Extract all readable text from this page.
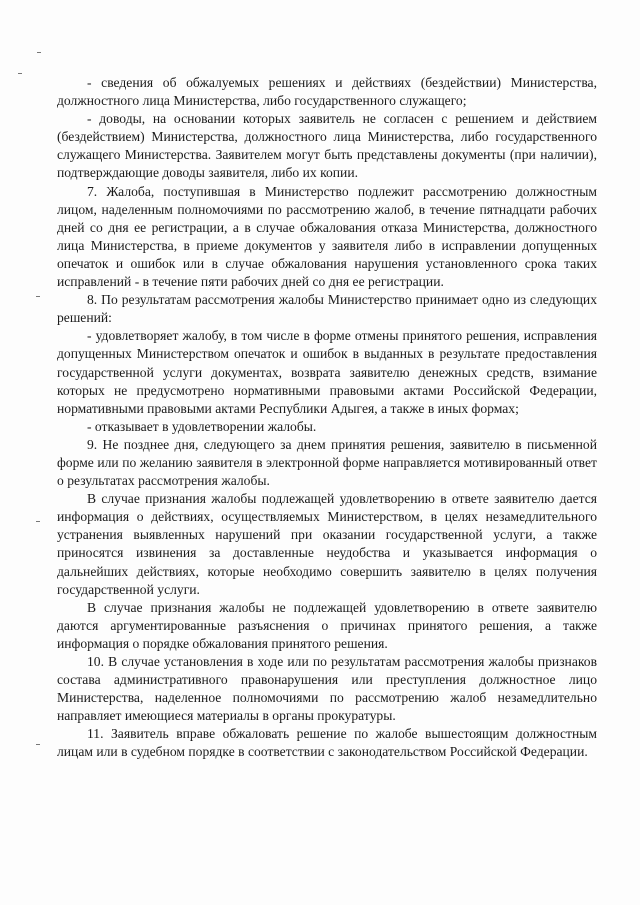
- сведения об обжалуемых решениях и действиях (бездействии) Министерства, должностного лица Министерства, либо государственного служащего;

- доводы, на основании которых заявитель не согласен с решением и действием (бездействием) Министерства, должностного лица Министерства, либо государственного служащего Министерства. Заявителем могут быть представлены документы (при наличии), подтверждающие доводы заявителя, либо их копии.

7. Жалоба, поступившая в Министерство подлежит рассмотрению должностным лицом, наделенным полномочиями по рассмотрению жалоб, в течение пятнадцати рабочих дней со дня ее регистрации, а в случае обжалования отказа Министерства, должностного лица Министерства, в приеме документов у заявителя либо в исправлении допущенных опечаток и ошибок или в случае обжалования нарушения установленного срока таких исправлений - в течение пяти рабочих дней со дня ее регистрации.

8. По результатам рассмотрения жалобы Министерство принимает одно из следующих решений:

- удовлетворяет жалобу, в том числе в форме отмены принятого решения, исправления допущенных Министерством опечаток и ошибок в выданных в результате предоставления государственной услуги документах, возврата заявителю денежных средств, взимание которых не предусмотрено нормативными правовыми актами Российской Федерации, нормативными правовыми актами Республики Адыгея, а также в иных формах;

- отказывает в удовлетворении жалобы.

9. Не позднее дня, следующего за днем принятия решения, заявителю в письменной форме или по желанию заявителя в электронной форме направляется мотивированный ответ о результатах рассмотрения жалобы.

В случае признания жалобы подлежащей удовлетворению в ответе заявителю дается информация о действиях, осуществляемых Министерством, в целях незамедлительного устранения выявленных нарушений при оказании государственной услуги, а также приносятся извинения за доставленные неудобства и указывается информация о дальнейших действиях, которые необходимо совершить заявителю в целях получения государственной услуги.

В случае признания жалобы не подлежащей удовлетворению в ответе заявителю даются аргументированные разъяснения о причинах принятого решения, а также информация о порядке обжалования принятого решения.

10. В случае установления в ходе или по результатам рассмотрения жалобы признаков состава административного правонарушения или преступления должностное лицо Министерства, наделенное полномочиями по рассмотрению жалоб незамедлительно направляет имеющиеся материалы в органы прокуратуры.

11. Заявитель вправе обжаловать решение по жалобе вышестоящим должностным лицам или в судебном порядке в соответствии с законодательством Российской Федерации.
